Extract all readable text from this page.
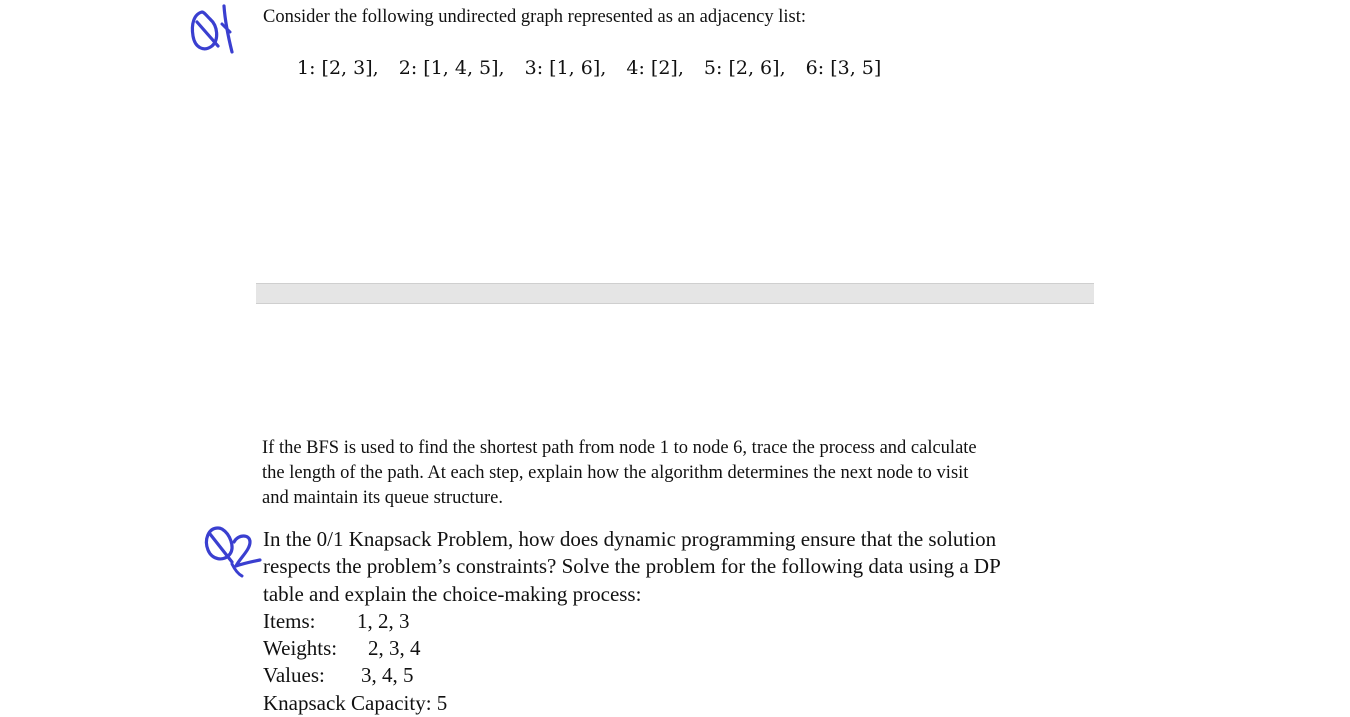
Consider the following undirected graph represented as an adjacency list:
1: [2, 3], 2: [1, 4, 5], 3: [1, 6], 4: [2], 5: [2, 6], 6: [3, 5]
If the BFS is used to find the shortest path from node 1 to node 6, trace the process and calculate
the length of the path. At each step, explain how the algorithm determines the next node to visit
and maintain its queue structure.
In the 0/1 Knapsack Problem, how does dynamic programming ensure that the solution
respects the problem’s constraints? Solve the problem for the following data using a DP
table and explain the choice-making process:
Items: 1, 2, 3
Weights: 2, 3, 4
Values: 3, 4, 5
Knapsack Capacity: 5
